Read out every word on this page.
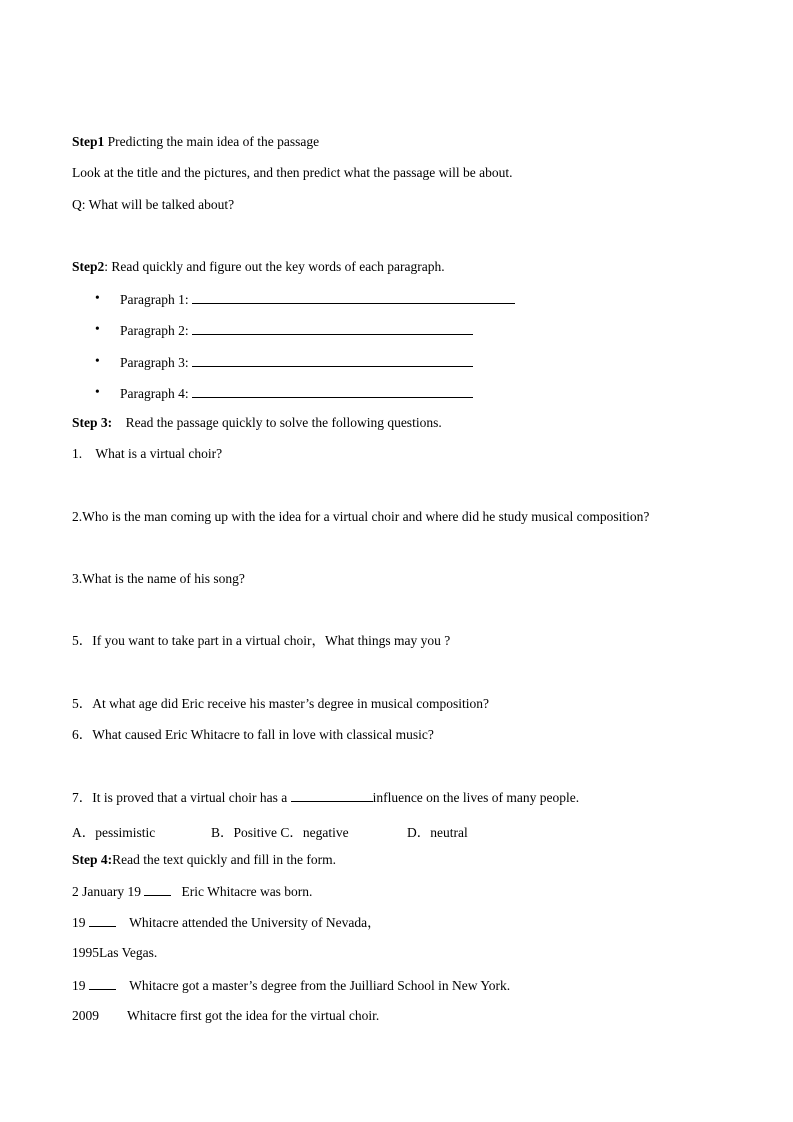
Step1 Predicting the main idea of the passage
Look at the title and the pictures, and then predict what the passage will be about.
Q: What will be talked about?
Step2: Read quickly and figure out the key words of each paragraph.
• Paragraph 1:
• Paragraph 2:
• Paragraph 3:
• Paragraph 4:
Step 3:    Read the passage quickly to solve the following questions.
1.    What is a virtual choir?
2.Who is the man coming up with the idea for a virtual choir and where did he study musical composition?
3.What is the name of his song?
5．If you want to take part in a virtual choir，What things may you ?
5．At what age did Eric receive his master’s degree in musical composition?
6．What caused Eric Whitacre to fall in love with classical music?
7．It is proved that a virtual choir has a	influence on the lives of many people.
A．pessimistic	B．Positive C．negative	D．neutral
Step 4:Read the text quickly and fill in the form.
2 January 19    Eric Whitacre was born.
19     Whitacre attended the University of Nevada，
1995Las Vegas.
19     Whitacre got a master’s degree from the Juilliard School in New York.
2009 Whitacre first got the idea for the virtual choir.
